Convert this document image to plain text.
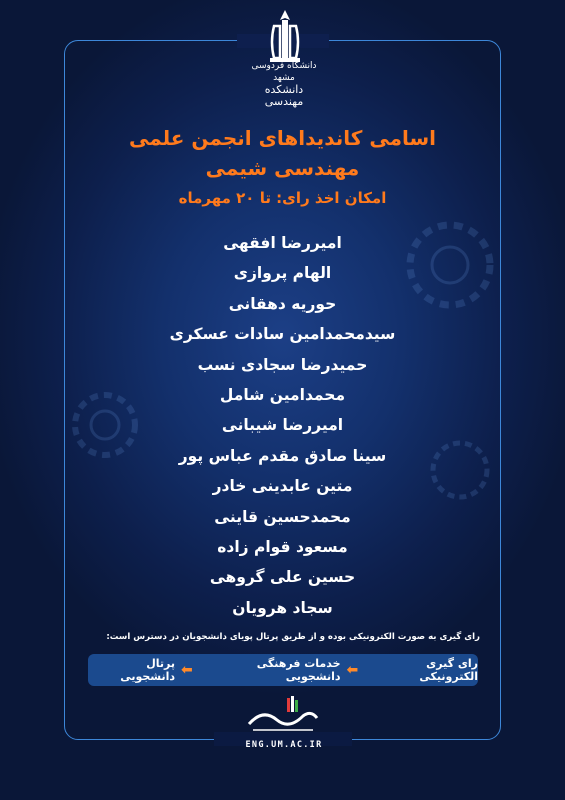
دانشگاه فردوسی مشهد
دانشکده مهندسی
اسامی کاندیداهای انجمن علمی
مهندسی شیمی
امکان اخذ رای: تا ۲۰ مهرماه
امیررضا افقهی
الهام پروازی
حوریه دهقانی
سیدمحمدامین سادات عسکری
حمیدرضا سجادی نسب
محمدامین شامل
امیررضا شیبانی
سینا صادق مقدم عباس پور
متین عابدینی خادر
محمدحسین قاینی
مسعود قوام زاده
حسین علی گروهی
سجاد هرویان
رای گیری به صورت الکترونیکی بوده و از طریق پرتال پویای دانشجویان در دسترس است:
پرتال دانشجویی ⬅	خدمات فرهنگی دانشجویی ⬅	رای گیری الکترونیکی
ENG.UM.AC.IR
